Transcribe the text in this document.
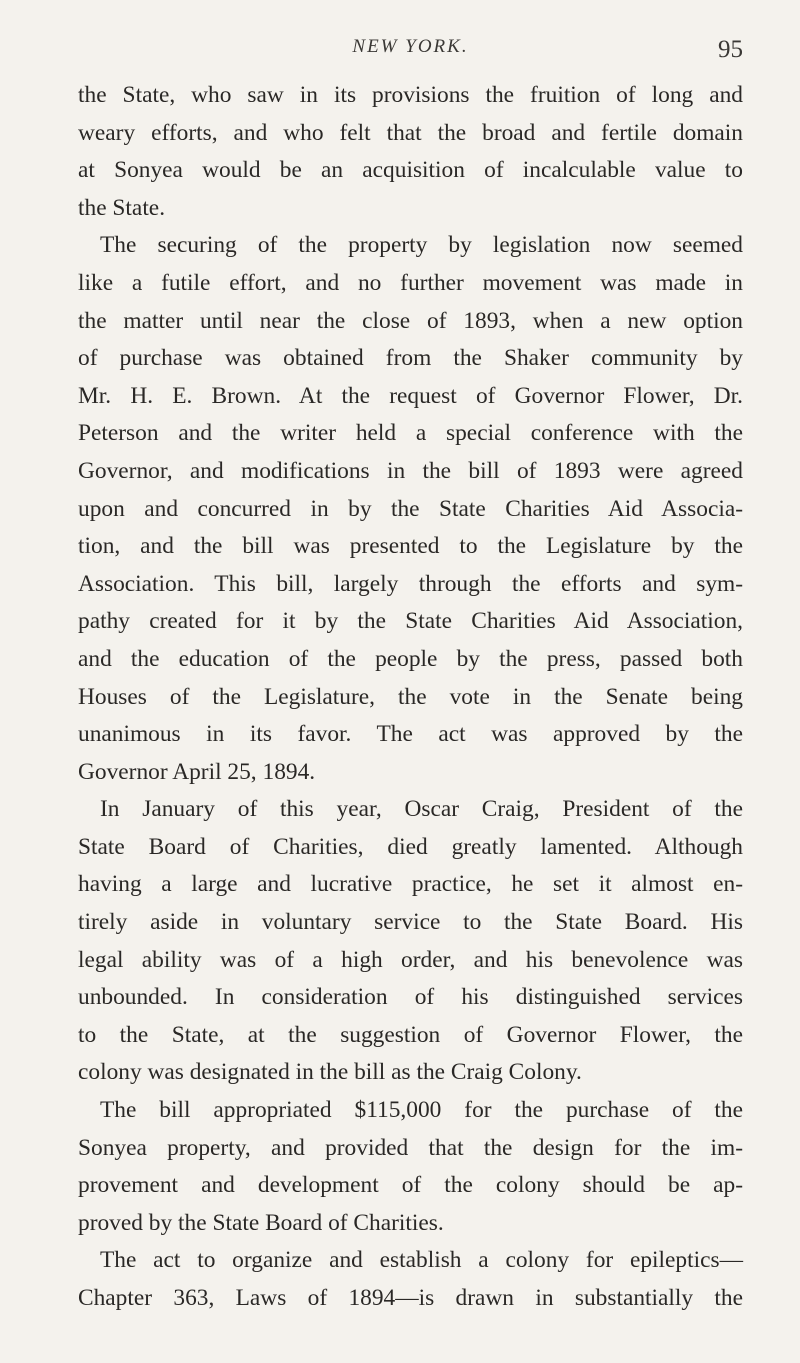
NEW YORK.	95
the State, who saw in its provisions the fruition of long and
weary efforts, and who felt that the broad and fertile domain
at Sonyea would be an acquisition of incalculable value to
the State.
The securing of the property by legislation now seemed
like a futile effort, and no further movement was made in
the matter until near the close of 1893, when a new option
of purchase was obtained from the Shaker community by
Mr. H. E. Brown. At the request of Governor Flower, Dr.
Peterson and the writer held a special conference with the
Governor, and modifications in the bill of 1893 were agreed
upon and concurred in by the State Charities Aid Associa-
tion, and the bill was presented to the Legislature by the
Association. This bill, largely through the efforts and sym-
pathy created for it by the State Charities Aid Association,
and the education of the people by the press, passed both
Houses of the Legislature, the vote in the Senate being
unanimous in its favor. The act was approved by the
Governor April 25, 1894.
In January of this year, Oscar Craig, President of the
State Board of Charities, died greatly lamented. Although
having a large and lucrative practice, he set it almost en-
tirely aside in voluntary service to the State Board. His
legal ability was of a high order, and his benevolence was
unbounded. In consideration of his distinguished services
to the State, at the suggestion of Governor Flower, the
colony was designated in the bill as the Craig Colony.
The bill appropriated $115,000 for the purchase of the
Sonyea property, and provided that the design for the im-
provement and development of the colony should be ap-
proved by the State Board of Charities.
The act to organize and establish a colony for epileptics—
Chapter 363, Laws of 1894—is drawn in substantially the
